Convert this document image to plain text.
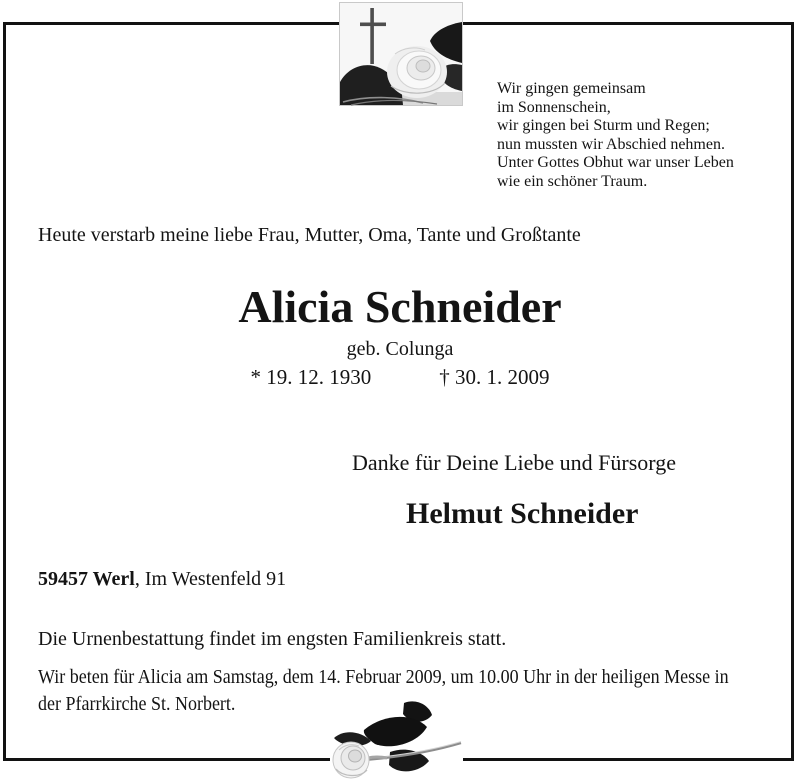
Wir gingen gemeinsam
im Sonnenschein,
wir gingen bei Sturm und Regen;
nun mussten wir Abschied nehmen.
Unter Gottes Obhut war unser Leben
wie ein schöner Traum.
Heute verstarb meine liebe Frau, Mutter, Oma, Tante und Großtante
Alicia Schneider
geb. Colunga
* 19. 12. 1930	† 30. 1. 2009
Danke für Deine Liebe und Fürsorge
Helmut Schneider
59457 Werl, Im Westenfeld 91
Die Urnenbestattung findet im engsten Familienkreis statt.
Wir beten für Alicia am Samstag, dem 14. Februar 2009, um 10.00 Uhr in der heiligen Messe in
der Pfarrkirche St. Norbert.
